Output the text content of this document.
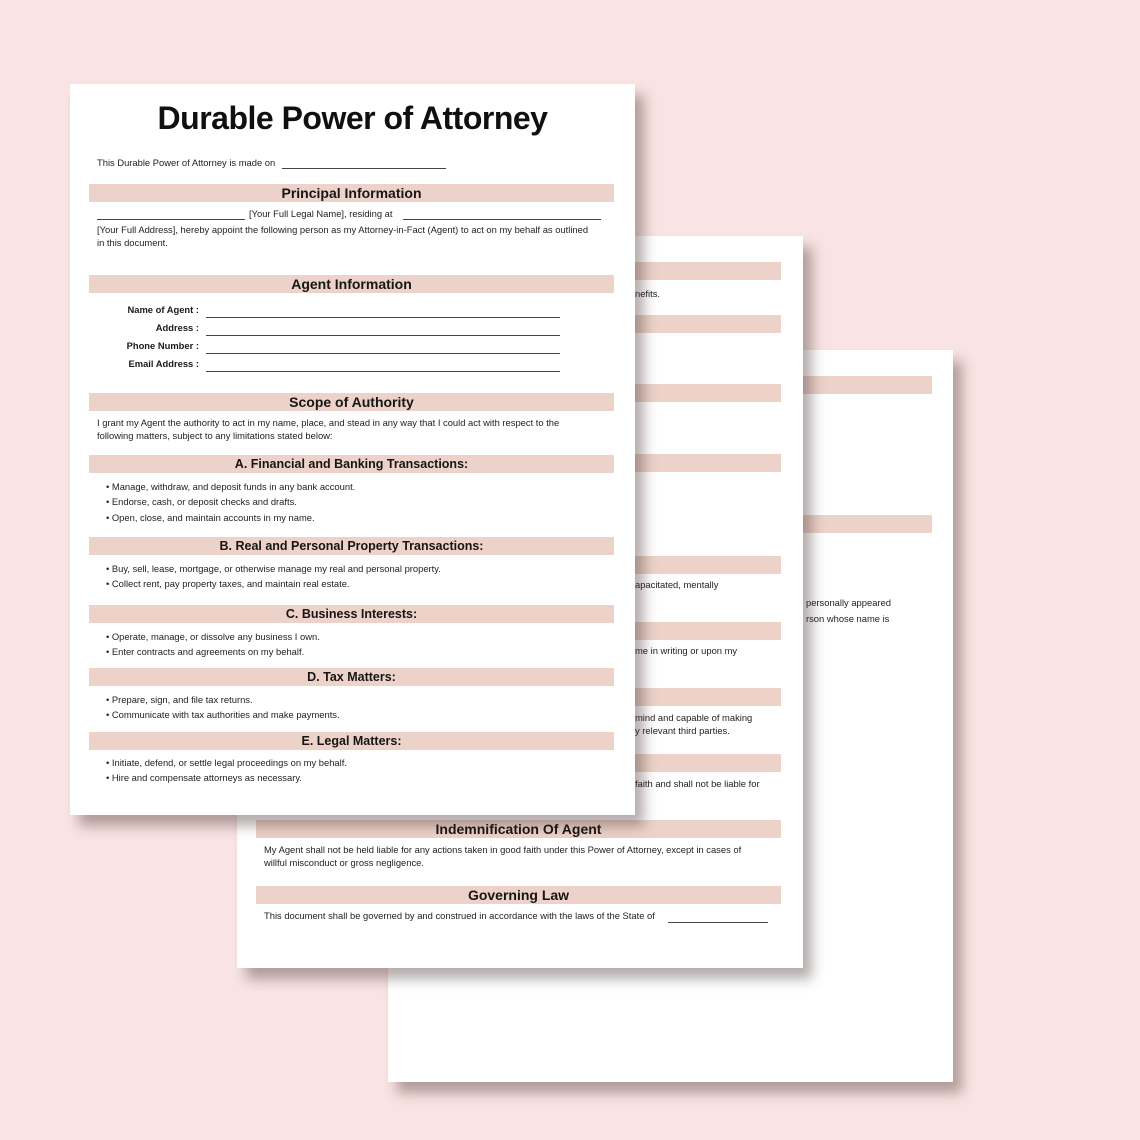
personally appeared
rson whose name is
nefits.
apacitated, mentally
me in writing or upon my
mind and capable of making
y relevant third parties.
faith and shall not be liable for
Indemnification Of Agent
My Agent shall not be held liable for any actions taken in good faith under this Power of Attorney, except in cases of
willful misconduct or gross negligence.
Governing Law
This document shall be governed by and construed in accordance with the laws of the State of
Durable Power of Attorney
This Durable Power of Attorney is made on
Principal Information
[Your Full Legal Name], residing at
[Your Full Address], hereby appoint the following person as my Attorney-in-Fact (Agent) to act on my behalf as outlined
in this document.
Agent Information
Name of Agent :
Address :
Phone Number :
Email Address :
Scope of Authority
I grant my Agent the authority to act in my name, place, and stead in any way that I could act with respect to the
following matters, subject to any limitations stated below:
A. Financial and Banking Transactions:
• Manage, withdraw, and deposit funds in any bank account.
• Endorse, cash, or deposit checks and drafts.
• Open, close, and maintain accounts in my name.
B. Real and Personal Property Transactions:
• Buy, sell, lease, mortgage, or otherwise manage my real and personal property.
• Collect rent, pay property taxes, and maintain real estate.
C. Business Interests:
• Operate, manage, or dissolve any business I own.
• Enter contracts and agreements on my behalf.
D. Tax Matters:
• Prepare, sign, and file tax returns.
• Communicate with tax authorities and make payments.
E. Legal Matters:
• Initiate, defend, or settle legal proceedings on my behalf.
• Hire and compensate attorneys as necessary.
